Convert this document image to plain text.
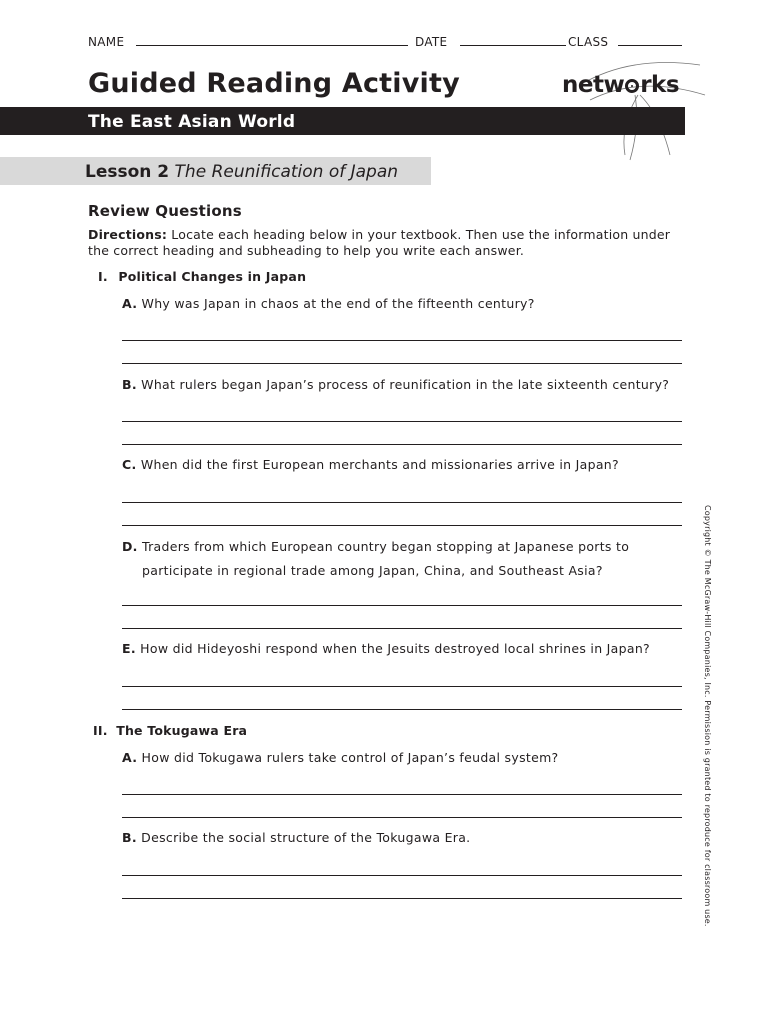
NAME	DATE	CLASS
Guided Reading Activity	netw rks
The East Asian World
Lesson 2 The Reunification of Japan
Review Questions
Directions: Locate each heading below in your textbook. Then use the information under the correct heading and subheading to help you write each answer.
I. Political Changes in Japan
A. Why was Japan in chaos at the end of the fifteenth century?
B. What rulers began Japan’s process of reunification in the late sixteenth century?
C. When did the first European merchants and missionaries arrive in Japan?
D. Traders from which European country began stopping at Japanese ports to
participate in regional trade among Japan, China, and Southeast Asia?
E. How did Hideyoshi respond when the Jesuits destroyed local shrines in Japan?
II. The Tokugawa Era
A. How did Tokugawa rulers take control of Japan’s feudal system?
B. Describe the social structure of the Tokugawa Era.	Copyright © The McGraw-Hill Companies, Inc. Permission is granted to reproduce for classroom use.
